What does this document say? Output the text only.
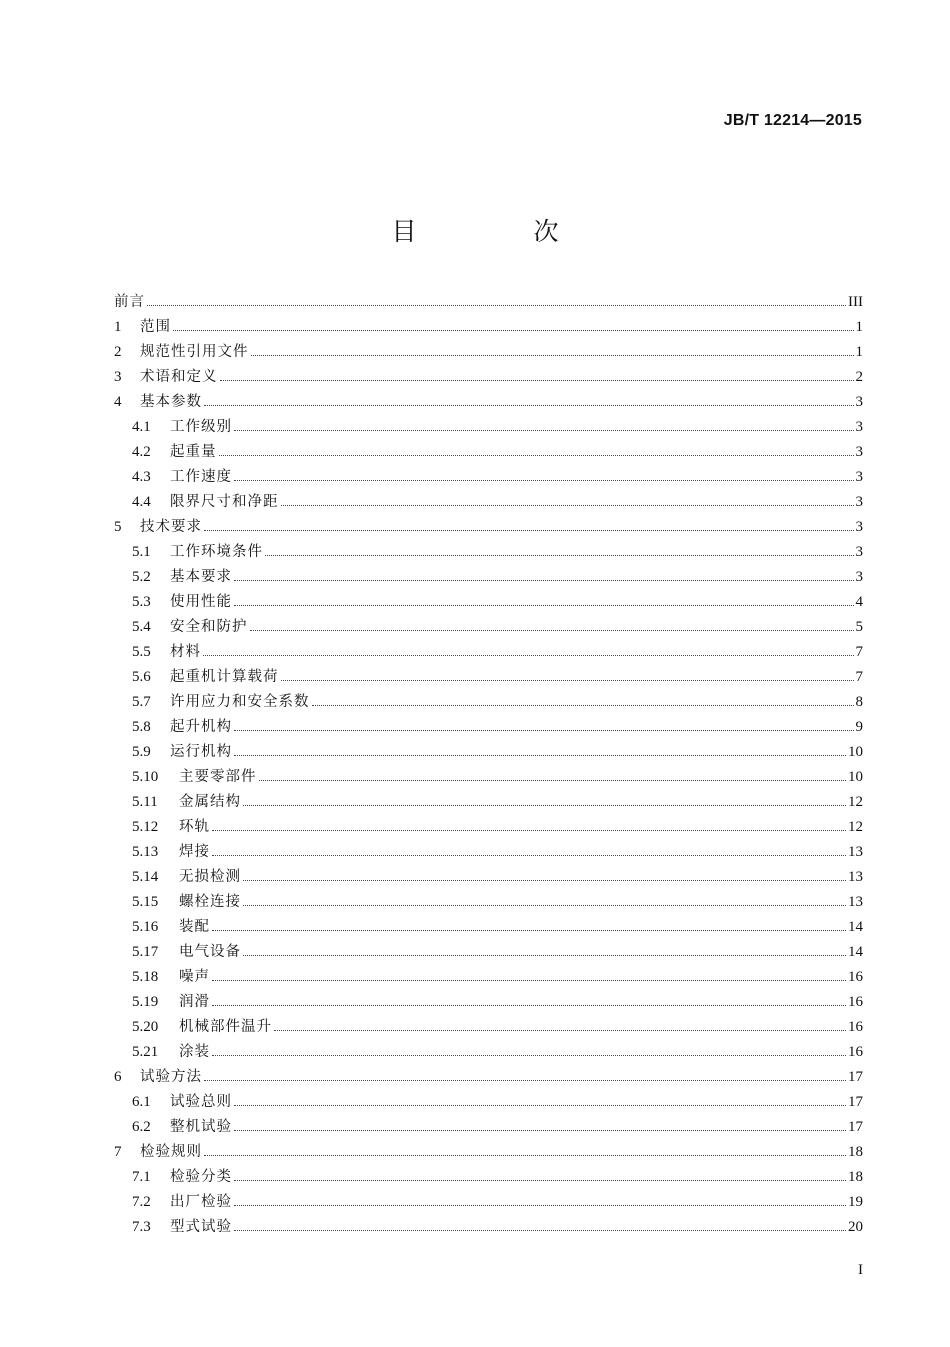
JB/T 12214—2015
目　次
前言	III
1	范围	1
2	规范性引用文件	1
3	术语和定义	2
4	基本参数	3
4.1	工作级别	3
4.2	起重量	3
4.3	工作速度	3
4.4	限界尺寸和净距	3
5	技术要求	3
5.1	工作环境条件	3
5.2	基本要求	3
5.3	使用性能	4
5.4	安全和防护	5
5.5	材料	7
5.6	起重机计算载荷	7
5.7	许用应力和安全系数	8
5.8	起升机构	9
5.9	运行机构	10
5.10	主要零部件	10
5.11	金属结构	12
5.12	环轨	12
5.13	焊接	13
5.14	无损检测	13
5.15	螺栓连接	13
5.16	装配	14
5.17	电气设备	14
5.18	噪声	16
5.19	润滑	16
5.20	机械部件温升	16
5.21	涂装	16
6	试验方法	17
6.1	试验总则	17
6.2	整机试验	17
7	检验规则	18
7.1	检验分类	18
7.2	出厂检验	19
7.3	型式试验	20
I
